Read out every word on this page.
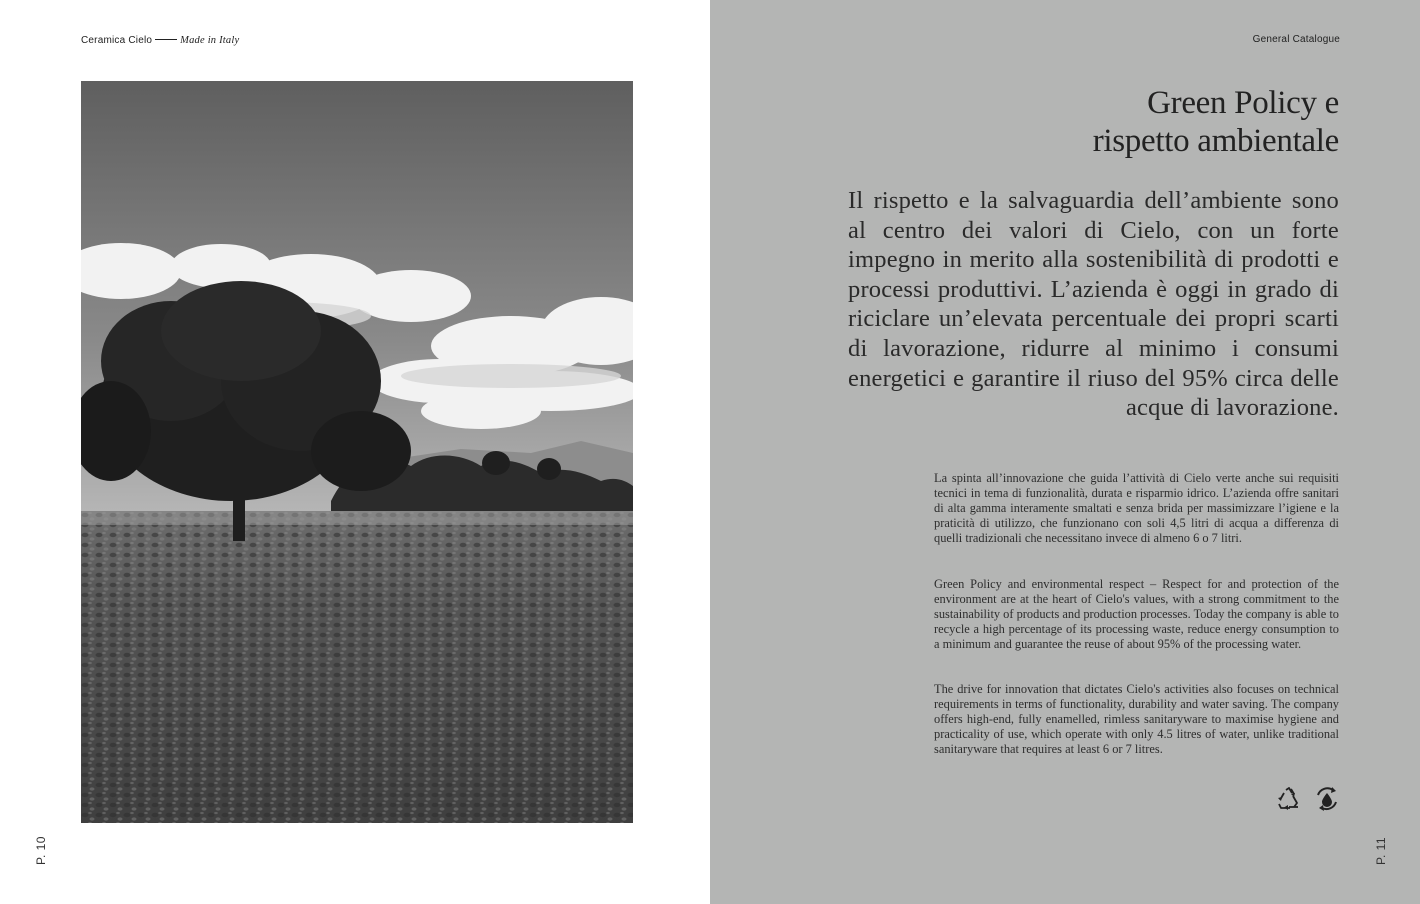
Ceramica Cielo	Made in Italy
P. 10
General Catalogue
Green Policy e
rispetto ambientale
Il rispetto e la salvaguardia dell’ambiente sono al centro dei valori di Cielo, con un forte impegno in merito alla sostenibilità di prodotti e processi produttivi. L’azienda è oggi in grado di riciclare un’elevata percentuale dei propri scarti di lavorazione, ridurre al minimo i consumi energetici e garantire il riuso del 95% circa delle acque di lavorazione.
La spinta all’innovazione che guida l’attività di Cielo verte anche sui requisiti tecnici in tema di funzionalità, durata e risparmio idrico. L’azienda offre sanitari di alta gamma interamente smaltati e senza brida per massimizzare l’igiene e la praticità di utilizzo, che funzionano con soli 4,5 litri di acqua a differenza di quelli tradizionali che necessitano invece di almeno 6 o 7 litri.
Green Policy and environmental respect – Respect for and protection of the environment are at the heart of Cielo's values, with a strong commitment to the sustainability of products and production processes. Today the company is able to recycle a high percentage of its processing waste, reduce energy consumption to a minimum and guarantee the reuse of about 95% of the processing water.
The drive for innovation that dictates Cielo's activities also focuses on technical requirements in terms of functionality, durability and water saving. The company offers high-end, fully enamelled, rimless sanitaryware to maximise hygiene and practicality of use, which operate with only 4.5 litres of water, unlike traditional sanitaryware that requires at least 6 or 7 litres.
P. 11
